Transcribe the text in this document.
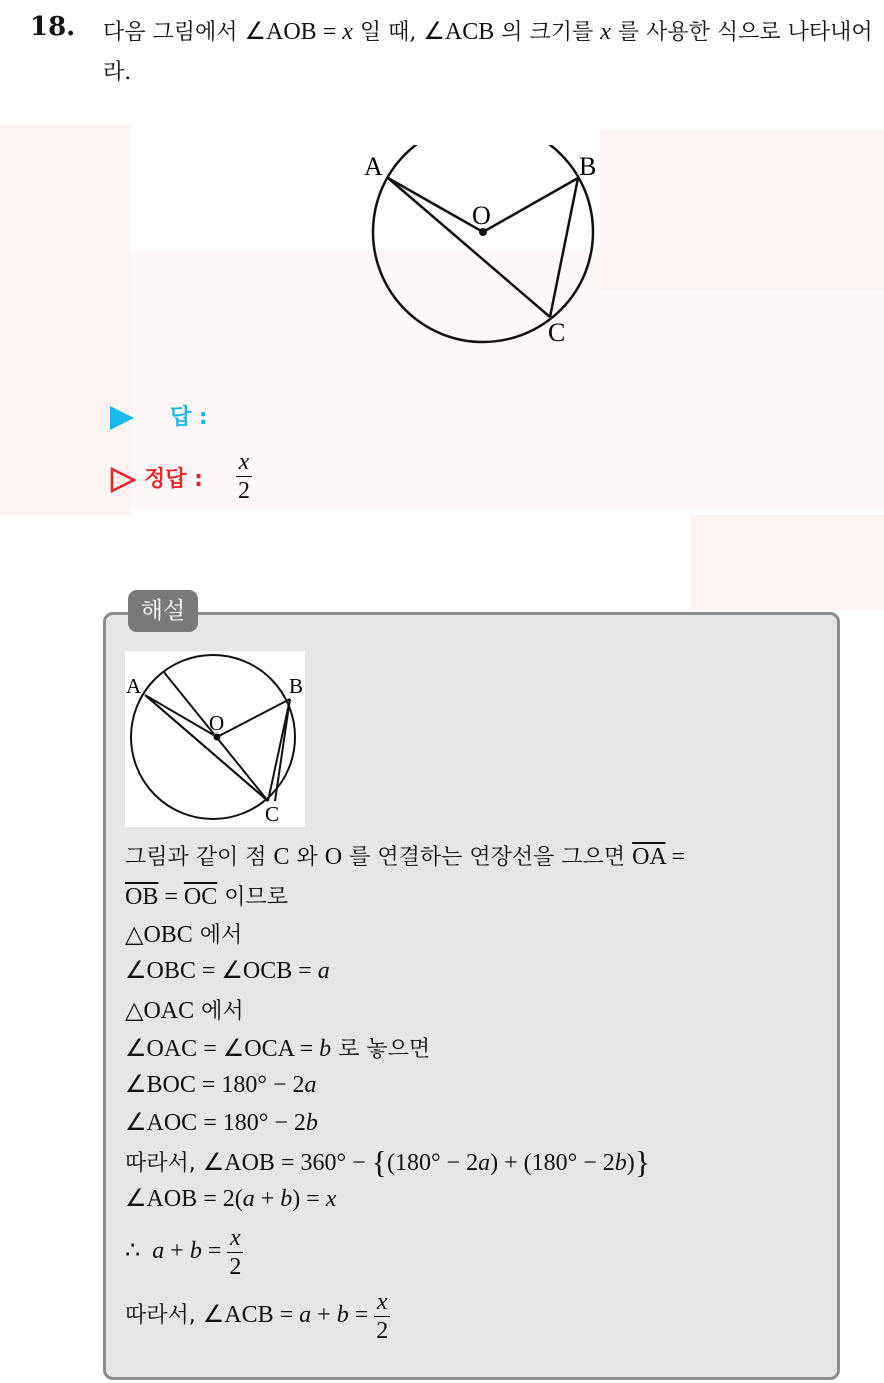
18. 다음 그림에서 ∠AOB = x 일 때, ∠ACB 의 크기를 x 를 사용한 식으로 나타내어라.
A	B
O
C
답 :
정답 : $\frac{x}{2}$
해설
A	B
O
C
그림과 같이 점 C 와 O 를 연결하는 연장선을 그으면 $\overline{OA}$ =
$\overline{OB} = \overline{OC}$ 이므로
△OBC 에서
∠OBC = ∠OCB = a
△OAC 에서
∠OAC = ∠OCA = b 로 놓으면
∠BOC = 180° − 2a
∠AOC = 180° − 2b
따라서, ∠AOB = 360° − {(180° − 2a) + (180° − 2b)}
∠AOB = 2(a + b) = x
∴ $a + b = \frac{x}{2}$
따라서, ∠ACB = $a + b = \frac{x}{2}$
